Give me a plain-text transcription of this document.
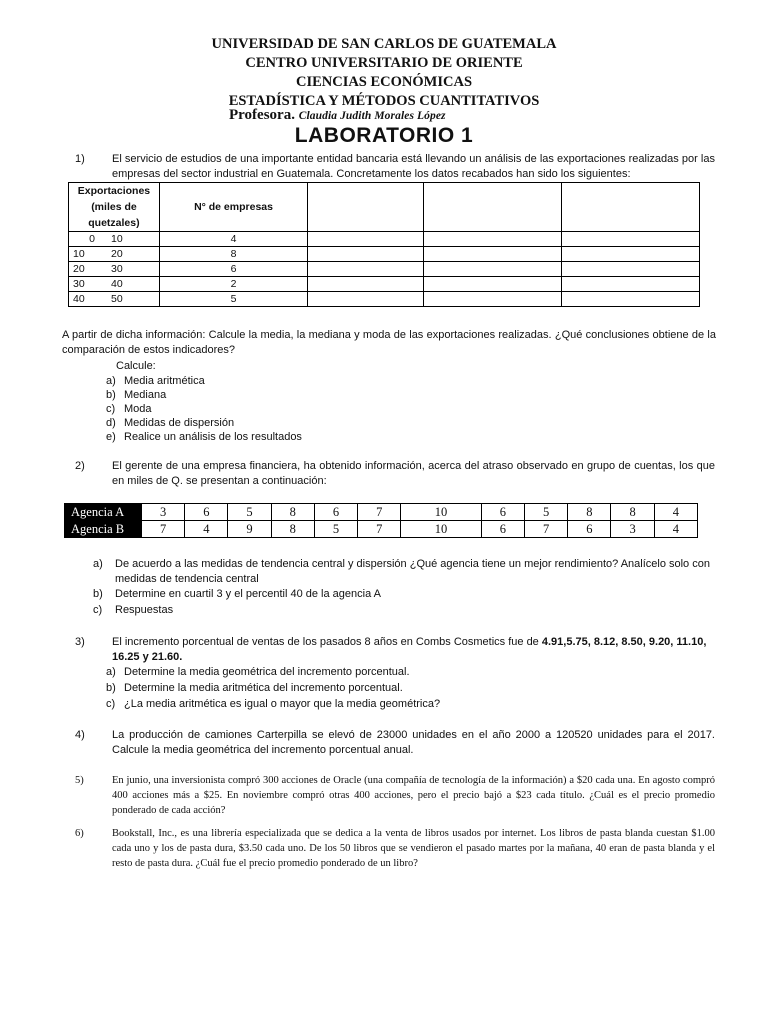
UNIVERSIDAD DE SAN CARLOS DE GUATEMALA
CENTRO UNIVERSITARIO DE ORIENTE
CIENCIAS ECONÓMICAS
ESTADÍSTICA Y MÉTODOS CUANTITATIVOS
Profesora. Claudia Judith Morales López
LABORATORIO 1
1) El servicio de estudios de una importante entidad bancaria está llevando un análisis de las exportaciones realizadas por las empresas del sector industrial en Guatemala. Concretamente los datos recabados han sido los siguientes:
Exportaciones (miles de quetzales)	N° de empresas			
0 10	4			
10 20	8			
20 30	6			
30 40	2			
40 50	5			
A partir de dicha información: Calcule la media, la mediana y moda de las exportaciones realizadas. ¿Qué conclusiones obtiene de la comparación de estos indicadores?
Calcule:
a) Media aritmética
b) Mediana
c) Moda
d) Medidas de dispersión
e) Realice un análisis de los resultados
2) El gerente de una empresa financiera, ha obtenido información, acerca del atraso observado en grupo de cuentas, los que en miles de Q. se presentan a continuación:
Agencia A	3	6	5	8	6	7	10	6	5	8	8	4
Agencia B	7	4	9	8	5	7	10	6	7	6	3	4
a) De acuerdo a las medidas de tendencia central y dispersión ¿Qué agencia tiene un mejor rendimiento? Analícelo solo con medidas de tendencia central
b) Determine en cuartil 3 y el percentil 40 de la agencia A
c) Respuestas
3) El incremento porcentual de ventas de los pasados 8 años en Combs Cosmetics fue de 4.91,5.75, 8.12, 8.50, 9.20, 11.10, 16.25 y 21.60.
a) Determine la media geométrica del incremento porcentual.
b) Determine la media aritmética del incremento porcentual.
c) ¿La media aritmética es igual o mayor que la media geométrica?
4) La producción de camiones Carterpilla se elevó de 23000 unidades en el año 2000 a 120520 unidades para el 2017. Calcule la media geométrica del incremento porcentual anual.
5)	En junio, una inversionista compró 300 acciones de Oracle (una compañía de tecnología de la información) a $20 cada una. En agosto compró 400 acciones más a $25. En noviembre compró otras 400 acciones, pero el precio bajó a $23 cada título. ¿Cuál es el precio promedio ponderado de cada acción?
6)	Bookstall, Inc., es una librería especializada que se dedica a la venta de libros usados por internet. Los libros de pasta blanda cuestan $1.00 cada uno y los de pasta dura, $3.50 cada uno. De los 50 libros que se vendieron el pasado martes por la mañana, 40 eran de pasta blanda y el resto de pasta dura. ¿Cuál fue el precio promedio ponderado de un libro?
